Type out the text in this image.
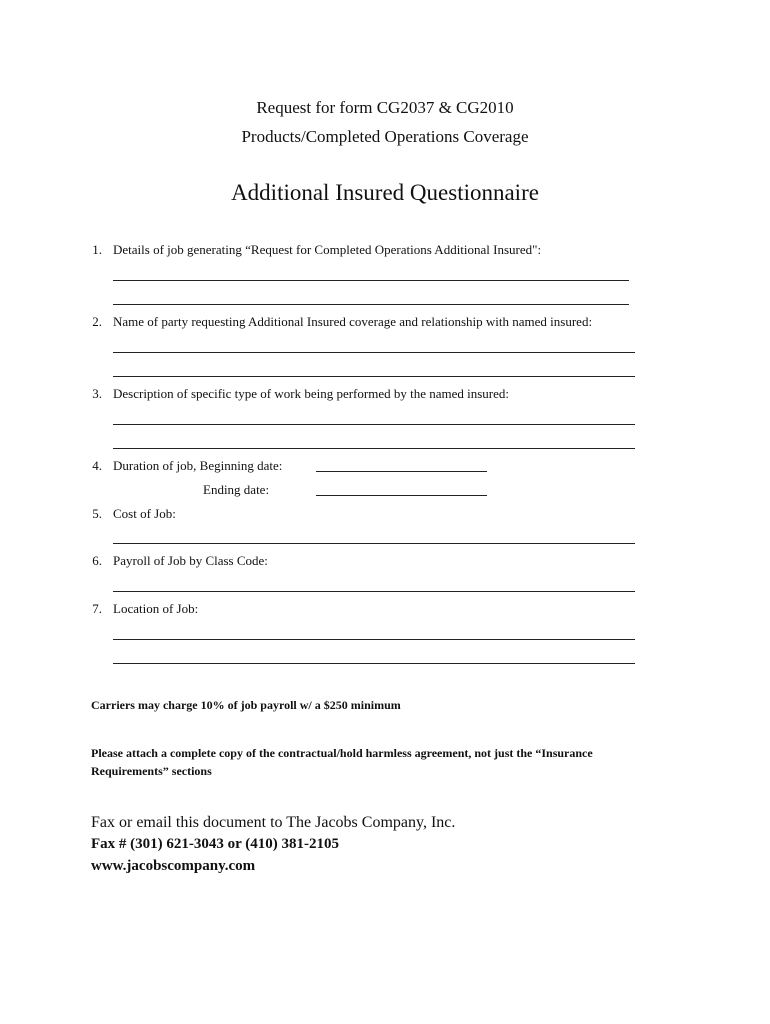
Request for form CG2037 & CG2010
Products/Completed Operations Coverage
Additional Insured Questionnaire
1. Details of job generating “Request for Completed Operations Additional Insured":
2. Name of party requesting Additional Insured coverage and relationship with named insured:
3. Description of specific type of work being performed by the named insured:
4. Duration of job, Beginning date:
Ending date:
5. Cost of Job:
6. Payroll of Job by Class Code:
7. Location of Job:
Carriers may charge 10% of job payroll w/ a $250 minimum
Please attach a complete copy of the contractual/hold harmless agreement, not just the “Insurance Requirements” sections
Fax or email this document to The Jacobs Company, Inc.
Fax # (301) 621-3043 or (410) 381-2105
www.jacobscompany.com
